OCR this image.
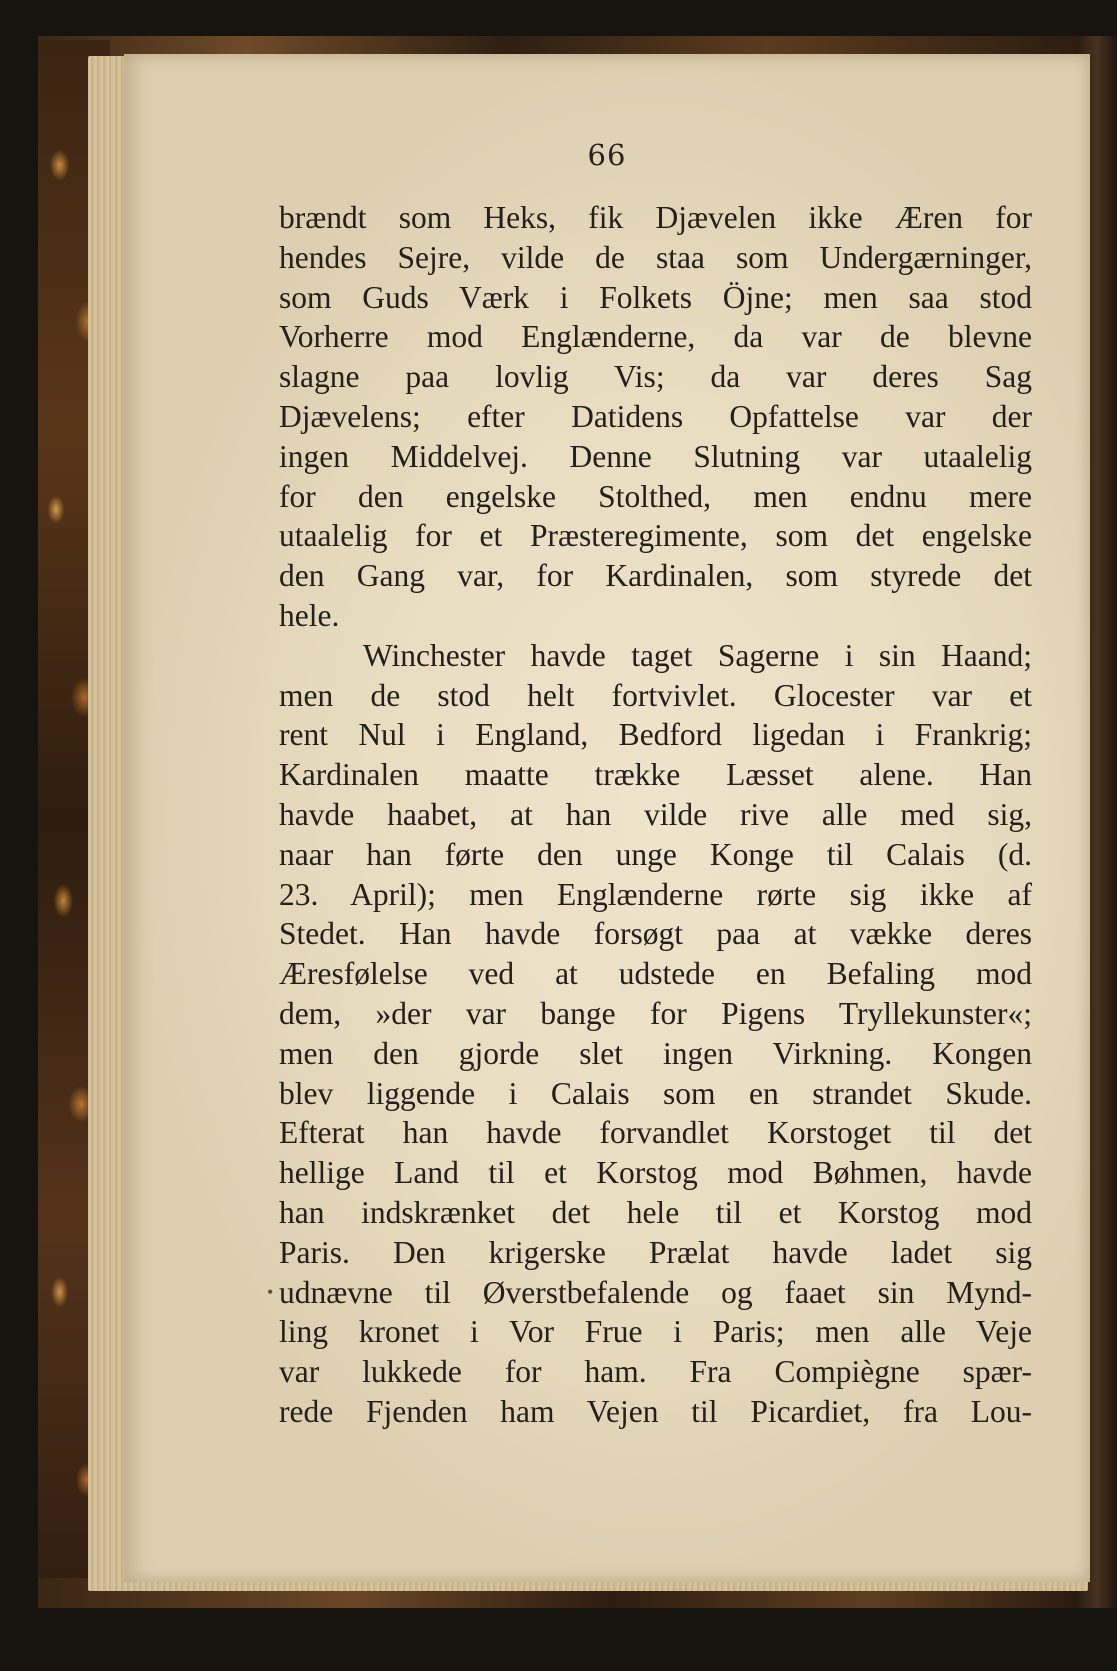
66
•
brændt som Heks, fik Djævelen ikke Æren for
hendes Sejre, vilde de staa som Undergærninger,
som Guds Værk i Folkets Öjne; men saa stod
Vorherre mod Englænderne, da var de blevne
slagne paa lovlig Vis; da var deres Sag
Djævelens; efter Datidens Opfattelse var der
ingen Middelvej. Denne Slutning var utaalelig
for den engelske Stolthed, men endnu mere
utaalelig for et Præsteregimente, som det engelske
den Gang var, for Kardinalen, som styrede det
hele.
Winchester havde taget Sagerne i sin Haand;
men de stod helt fortvivlet. Glocester var et
rent Nul i England, Bedford ligedan i Frankrig;
Kardinalen maatte trække Læsset alene. Han
havde haabet, at han vilde rive alle med sig,
naar han førte den unge Konge til Calais (d.
23. April); men Englænderne rørte sig ikke af
Stedet. Han havde forsøgt paa at vække deres
Æresfølelse ved at udstede en Befaling mod
dem, »der var bange for Pigens Tryllekunster«;
men den gjorde slet ingen Virkning. Kongen
blev liggende i Calais som en strandet Skude.
Efterat han havde forvandlet Korstoget til det
hellige Land til et Korstog mod Bøhmen, havde
han indskrænket det hele til et Korstog mod
Paris. Den krigerske Prælat havde ladet sig
udnævne til Øverstbefalende og faaet sin Mynd-
ling kronet i Vor Frue i Paris; men alle Veje
var lukkede for ham. Fra Compiègne spær-
rede Fjenden ham Vejen til Picardiet, fra Lou-
